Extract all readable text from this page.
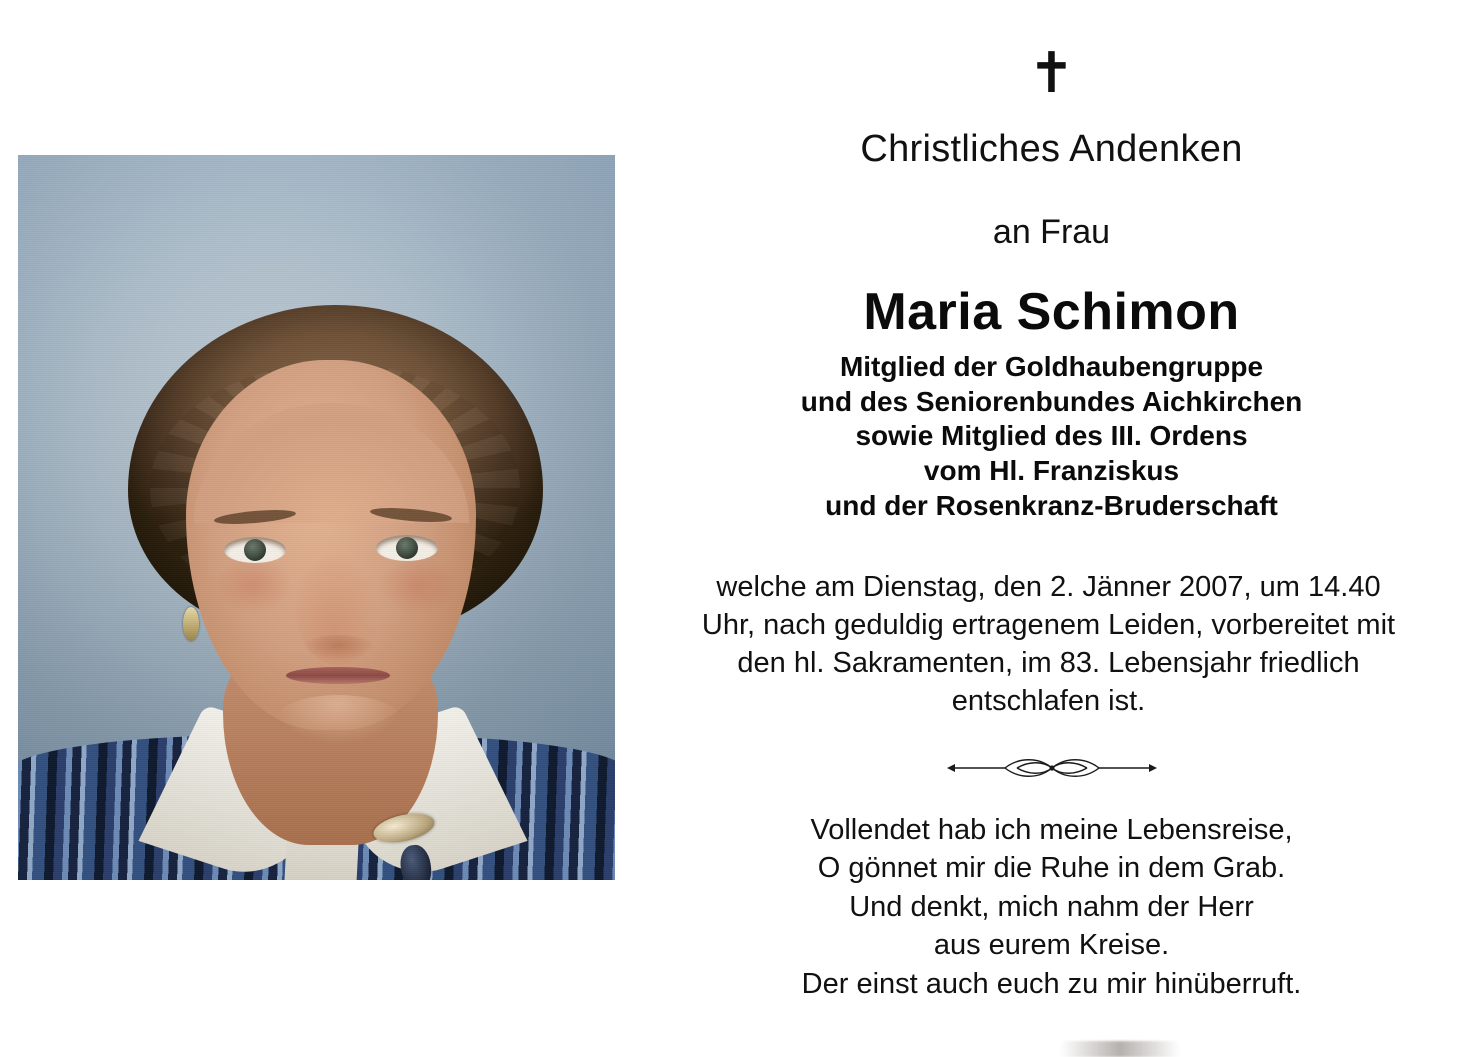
✝
Christliches Andenken
an Frau
Maria Schimon
Mitglied der Goldhaubengruppe
und des Seniorenbundes Aichkirchen
sowie Mitglied des III. Ordens
vom Hl. Franziskus
und der Rosenkranz-Bruderschaft
welche am Dienstag, den 2. Jänner 2007, um 14.40 Uhr, nach geduldig ertragenem Leiden, vorbereitet mit den hl. Sakramenten, im 83. Lebensjahr friedlich entschlafen ist.
Vollendet hab ich meine Lebensreise,
O gönnet mir die Ruhe in dem Grab.
Und denkt, mich nahm der Herr
aus eurem Kreise.
Der einst auch euch zu mir hinüberruft.
